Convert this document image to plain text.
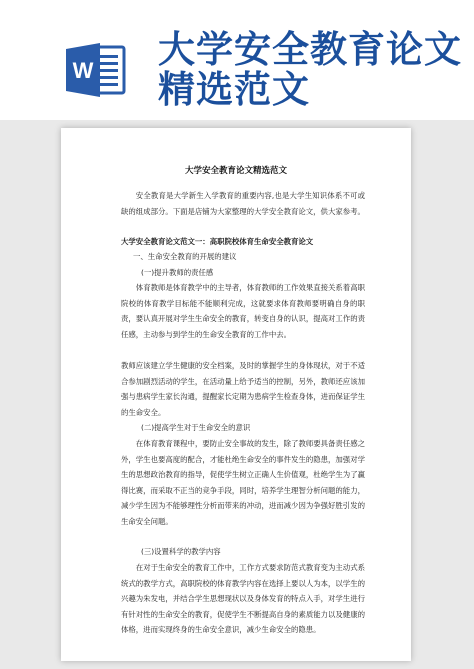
W 大学安全教育论文
精选范文
大学安全教育论文精选范文

安全教育是大学新生入学教育的重要内容,也是大学生知识体系不可或缺的组成部分。下面是店铺为大家整理的大学安全教育论文，供大家参考。

大学安全教育论文范文一：高职院校体育生命安全教育论文

一、生命安全教育的开展的建议

(一)提升教师的责任感

体育教师是体育教学中的主导者，体育教师的工作效果直接关系着高职院校的体育教学目标能不能顺利完成，这就要求体育教师要明确自身的职责，要认真开展对学生生命安全的教育，转变自身的认识，提高对工作的责任感，主动参与到学生的生命安全教育的工作中去。

教师应该建立学生健康的安全档案，及时的掌握学生的身体现状，对于不适合参加剧烈活动的学生，在活动量上给予适当的控制，另外，教师还应该加强与患病学生家长沟通，提醒家长定期为患病学生检查身体，进而保证学生的生命安全。

(二)提高学生对于生命安全的意识

在体育教育课程中，要防止安全事故的发生，除了教师要具备责任感之外，学生也要高度的配合，才能杜绝生命安全的事件发生的隐患，加强对学生的思想政治教育的指导，促使学生树立正确人生价值观，杜绝学生为了赢得比赛，而采取不正当的竞争手段，同时，培养学生理智分析问题的能力，减少学生因为不能够理性分析而带来的冲动，进而减少因为争强好胜引发的生命安全问题。

(三)设置科学的教学内容

在对于生命安全的教育工作中，工作方式要求防范式教育变为主动式系统式的教学方式，高职院校的体育教学内容在选择上要以人为本，以学生的兴趣为朱发电，并结合学生思想现状以及身体发育的特点入手，对学生进行有针对性的生命安全的教育，促使学生不断提高自身的素质能力以及健康的体格，进而实现终身的生命安全意识，减少生命安全的隐患。
